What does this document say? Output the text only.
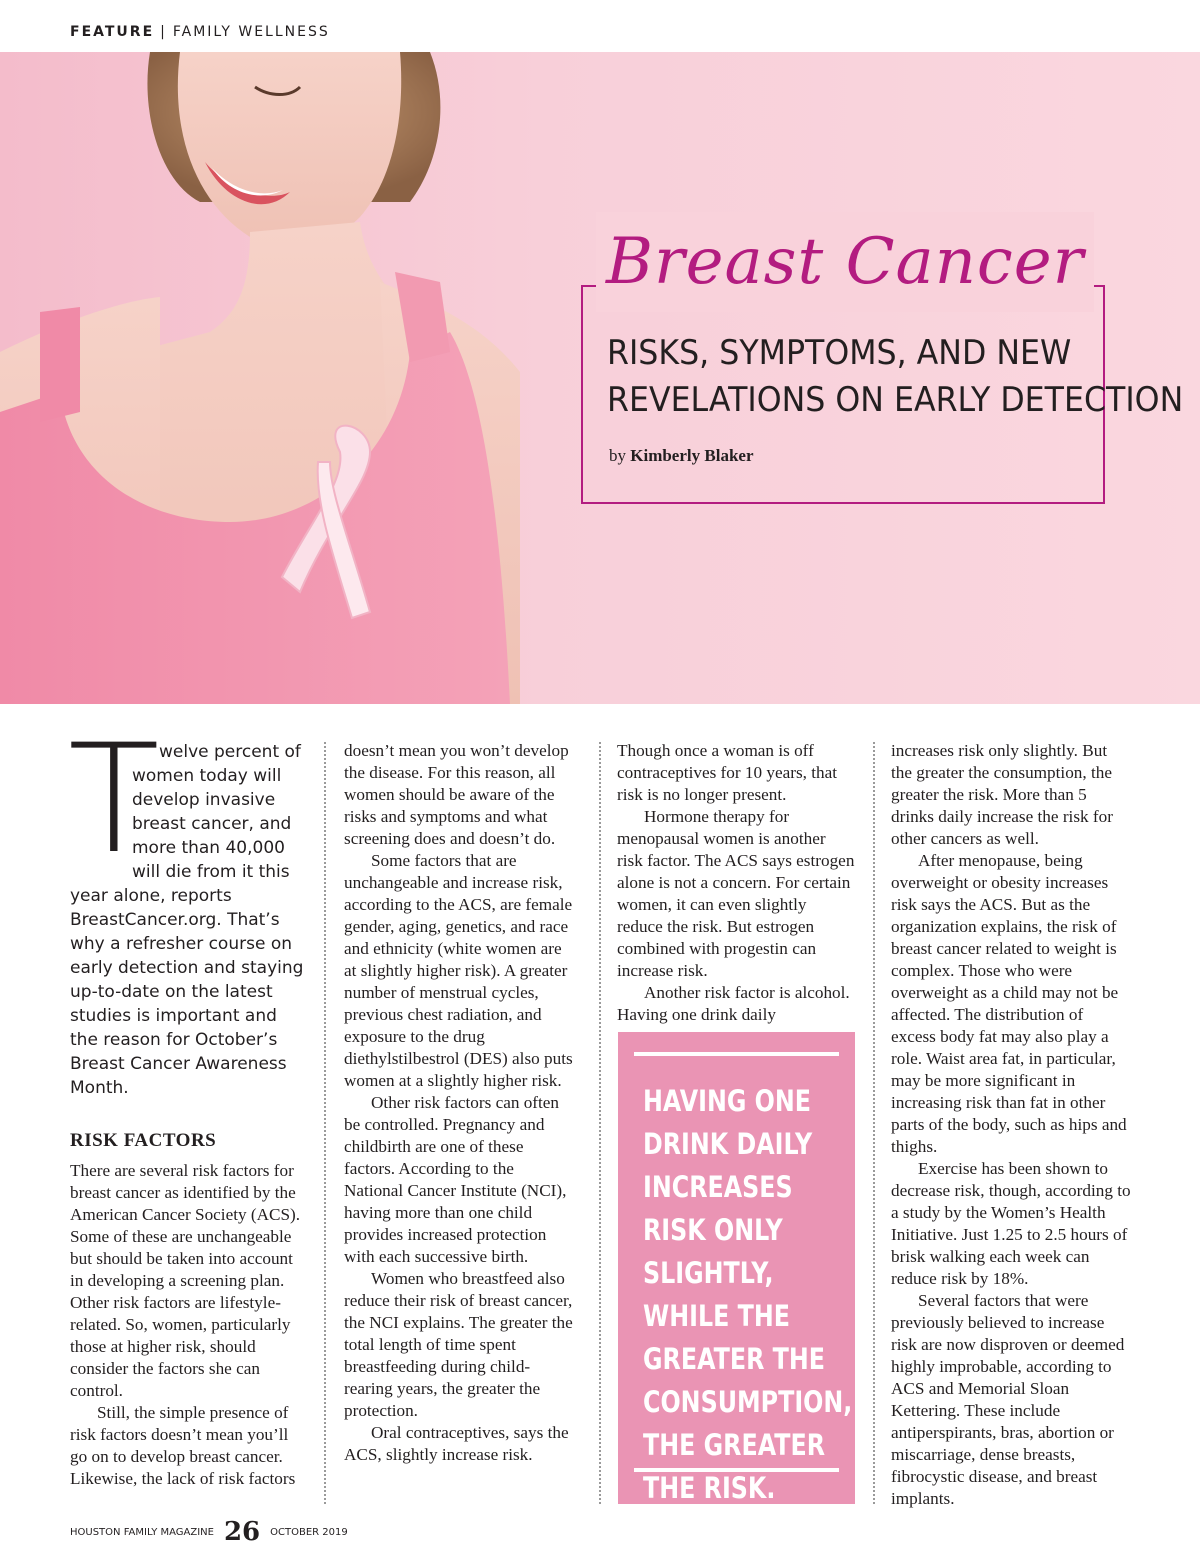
FEATURE | FAMILY WELLNESS
Breast Cancer
RISKS, SYMPTOMS, AND NEW
REVELATIONS ON EARLY DETECTION
by Kimberly Blaker
T welve percent of women today will develop invasive breast cancer, and more than 40,000 will die from it this year alone, reports BreastCancer.org. That’s why a refresher course on early detection and staying up-to-date on the latest studies is important and the reason for October’s Breast Cancer Awareness Month.

RISK FACTORS

There are several risk factors for breast cancer as identified by the American Cancer Society (ACS). Some of these are unchangeable but should be taken into account in developing a screening plan. Other risk factors are lifestyle-related. So, women, particularly those at higher risk, should consider the factors she can control.

Still, the simple presence of risk factors doesn’t mean you’ll go on to develop breast cancer. Likewise, the lack of risk factors

doesn’t mean you won’t develop the disease. For this reason, all women should be aware of the risks and symptoms and what screening does and doesn’t do.

Some factors that are unchangeable and increase risk, according to the ACS, are female gender, aging, genetics, and race and ethnicity (white women are at slightly higher risk). A greater number of menstrual cycles, previous chest radiation, and exposure to the drug diethylstilbestrol (DES) also puts women at a slightly higher risk.

Other risk factors can often be controlled. Pregnancy and childbirth are one of these factors. According to the National Cancer Institute (NCI), having more than one child provides increased protection with each successive birth.

Women who breastfeed also reduce their risk of breast cancer, the NCI explains. The greater the total length of time spent breastfeeding during child-rearing years, the greater the protection.

Oral contraceptives, says the ACS, slightly increase risk.

Though once a woman is off contraceptives for 10 years, that risk is no longer present.

Hormone therapy for menopausal women is another risk factor. The ACS says estrogen alone is not a concern. For certain women, it can even slightly reduce the risk. But estrogen combined with progestin can increase risk.

Another risk factor is alcohol. Having one drink daily

HAVING ONE DRINK DAILY INCREASES RISK ONLY SLIGHTLY, WHILE THE GREATER THE CONSUMPTION, THE GREATER THE RISK.

increases risk only slightly. But the greater the consumption, the greater the risk. More than 5 drinks daily increase the risk for other cancers as well.

After menopause, being overweight or obesity increases risk says the ACS. But as the organization explains, the risk of breast cancer related to weight is complex. Those who were overweight as a child may not be affected. The distribution of excess body fat may also play a role. Waist area fat, in particular, may be more significant in increasing risk than fat in other parts of the body, such as hips and thighs.

Exercise has been shown to decrease risk, though, according to a study by the Women’s Health Initiative. Just 1.25 to 2.5 hours of brisk walking each week can reduce risk by 18%.

Several factors that were previously believed to increase risk are now disproven or deemed highly improbable, according to ACS and Memorial Sloan Kettering. These include antiperspirants, bras, abortion or miscarriage, dense breasts, fibrocystic disease, and breast implants.

HOUSTON FAMILY MAGAZINE 26 OCTOBER 2019
